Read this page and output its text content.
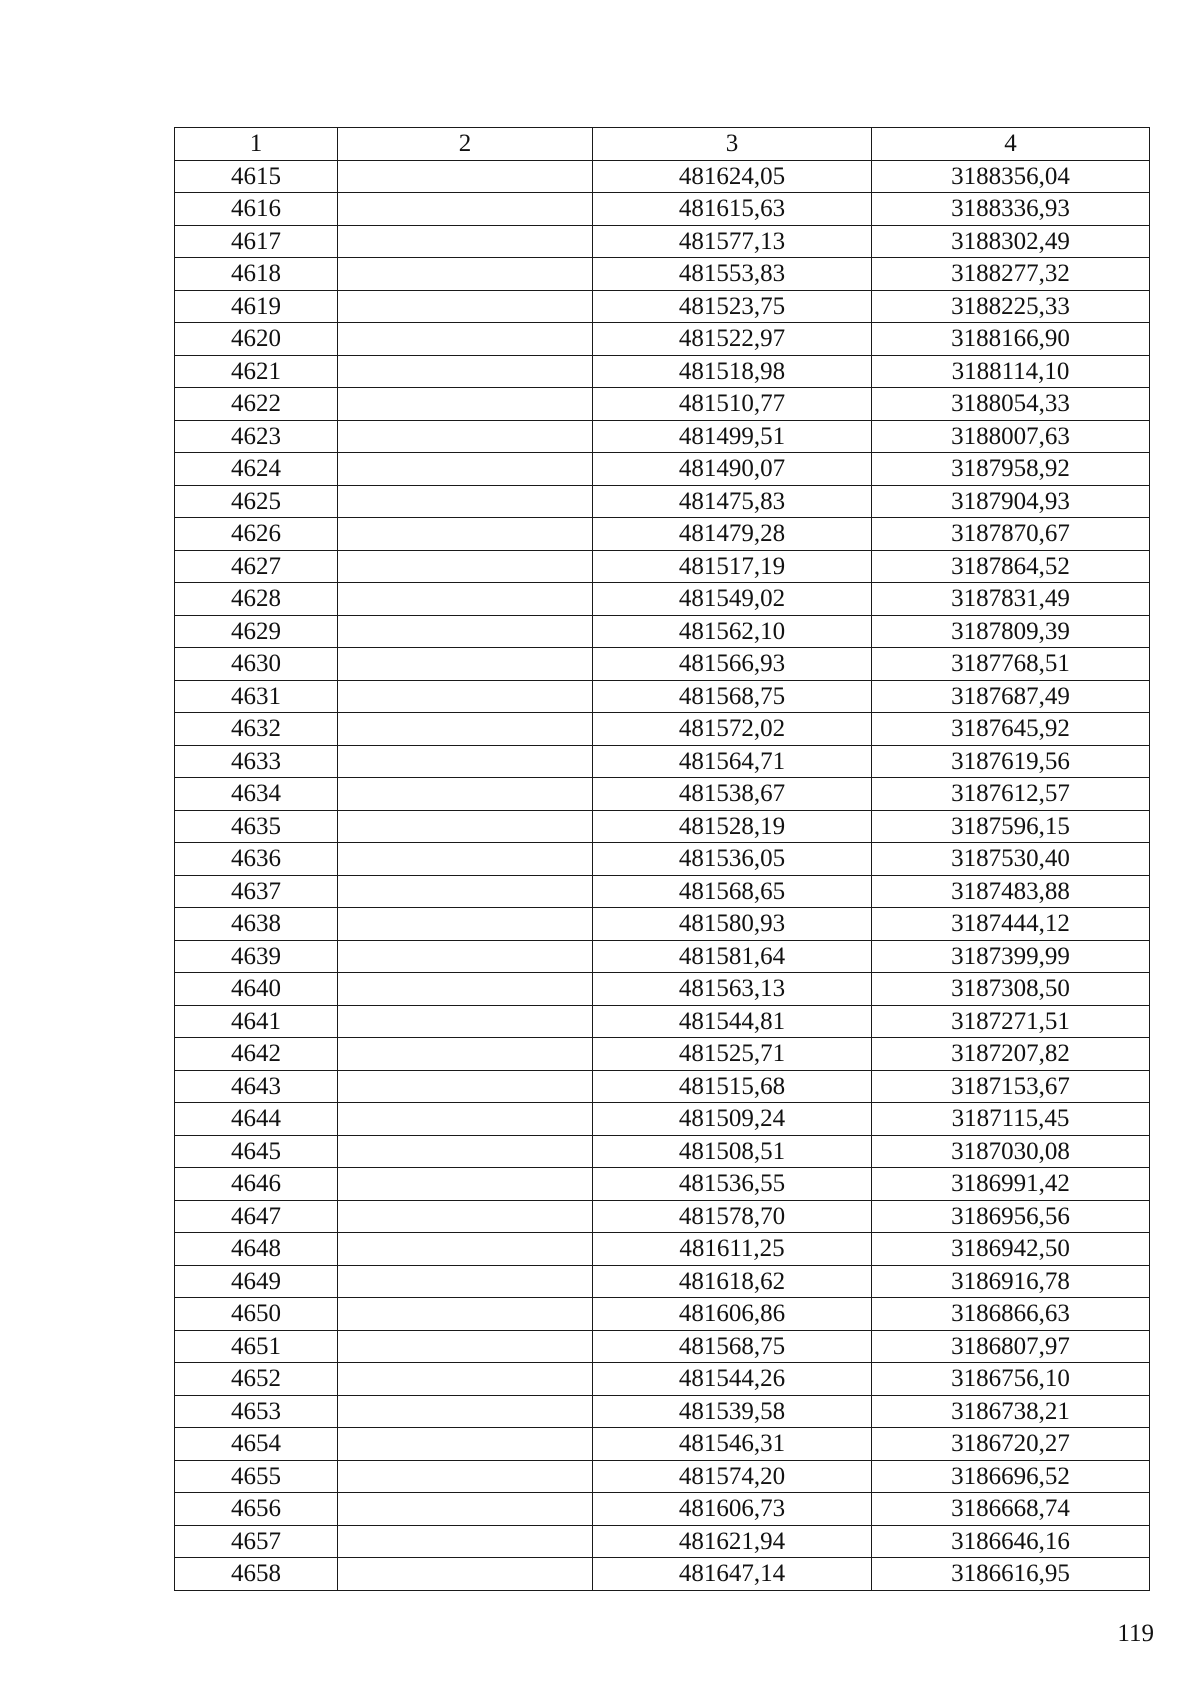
1	2	3	4
4615		481624,05	3188356,04
4616		481615,63	3188336,93
4617		481577,13	3188302,49
4618		481553,83	3188277,32
4619		481523,75	3188225,33
4620		481522,97	3188166,90
4621		481518,98	3188114,10
4622		481510,77	3188054,33
4623		481499,51	3188007,63
4624		481490,07	3187958,92
4625		481475,83	3187904,93
4626		481479,28	3187870,67
4627		481517,19	3187864,52
4628		481549,02	3187831,49
4629		481562,10	3187809,39
4630		481566,93	3187768,51
4631		481568,75	3187687,49
4632		481572,02	3187645,92
4633		481564,71	3187619,56
4634		481538,67	3187612,57
4635		481528,19	3187596,15
4636		481536,05	3187530,40
4637		481568,65	3187483,88
4638		481580,93	3187444,12
4639		481581,64	3187399,99
4640		481563,13	3187308,50
4641		481544,81	3187271,51
4642		481525,71	3187207,82
4643		481515,68	3187153,67
4644		481509,24	3187115,45
4645		481508,51	3187030,08
4646		481536,55	3186991,42
4647		481578,70	3186956,56
4648		481611,25	3186942,50
4649		481618,62	3186916,78
4650		481606,86	3186866,63
4651		481568,75	3186807,97
4652		481544,26	3186756,10
4653		481539,58	3186738,21
4654		481546,31	3186720,27
4655		481574,20	3186696,52
4656		481606,73	3186668,74
4657		481621,94	3186646,16
4658		481647,14	3186616,95
119
